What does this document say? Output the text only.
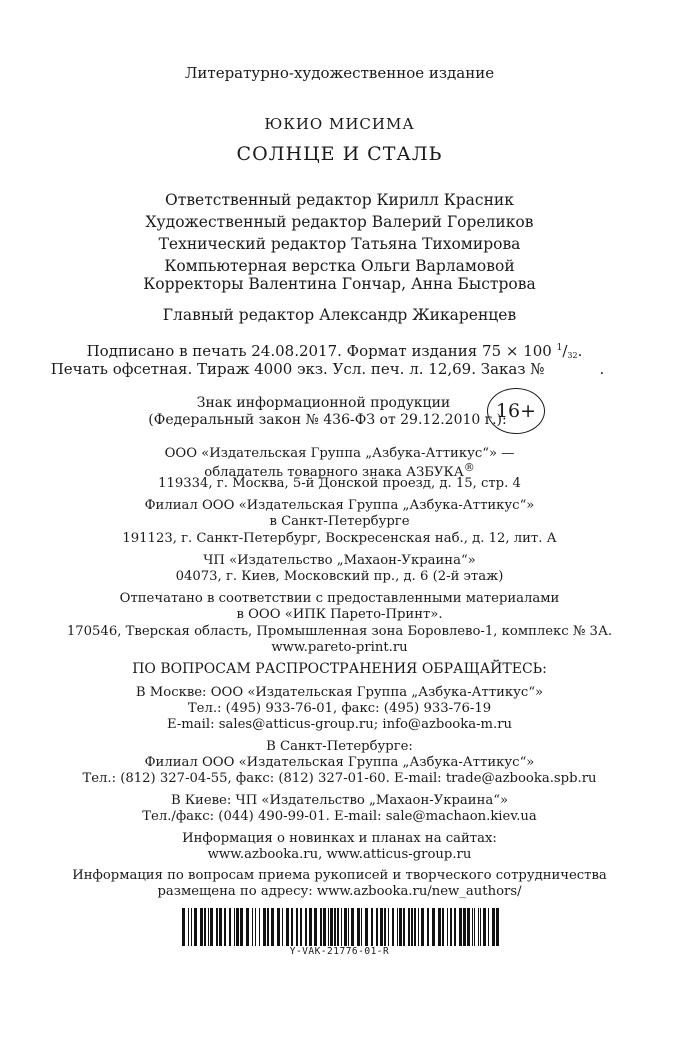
Литературно-художественное издание
ЮКИО МИСИМА
СОЛНЦЕ И СТАЛЬ
Ответственный редактор Кирилл Красник
Художественный редактор Валерий Гореликов
Технический редактор Татьяна Тихомирова
Компьютерная верстка Ольги Варламовой
Корректоры Валентина Гончар, Анна Быстрова
Главный редактор Александр Жикаренцев
Подписано в печать 24.08.2017. Формат издания 75 × 100 $^1/_{32}$.
Печать офсетная. Тираж 4000 экз. Усл. печ. л. 12,69. Заказ №	.
Знак информационной продукции
(Федеральный закон № 436-ФЗ от 29.12.2010 г.):
16+
ООО «Издательская Группа „Азбука-Аттикус“» —
обладатель товарного знака АЗБУКА®
119334, г. Москва, 5-й Донской проезд, д. 15, стр. 4
Филиал ООО «Издательская Группа „Азбука-Аттикус“»
в Санкт-Петербурге
191123, г. Санкт-Петербург, Воскресенская наб., д. 12, лит. А
ЧП «Издательство „Махаон-Украина“»
04073, г. Киев, Московский пр., д. 6 (2-й этаж)
Отпечатано в соответствии с предоставленными материалами
в ООО «ИПК Парето-Принт».
170546, Тверская область, Промышленная зона Боровлево-1, комплекс № 3А.
www.pareto-print.ru
ПО ВОПРОСАМ РАСПРОСТРАНЕНИЯ ОБРАЩАЙТЕСЬ:
В Москве: ООО «Издательская Группа „Азбука-Аттикус“»
Тел.: (495) 933-76-01, факс: (495) 933-76-19
E-mail: sales@atticus-group.ru; info@azbooka-m.ru
В Санкт-Петербурге:
Филиал ООО «Издательская Группа „Азбука-Аттикус“»
Тел.: (812) 327-04-55, факс: (812) 327-01-60. E-mail: trade@azbooka.spb.ru
В Киеве: ЧП «Издательство „Махаон-Украина“»
Тел./факс: (044) 490-99-01. E-mail: sale@machaon.kiev.ua
Информация о новинках и планах на сайтах:
www.azbooka.ru, www.atticus-group.ru
Информация по вопросам приема рукописей и творческого сотрудничества
размещена по адресу: www.azbooka.ru/new_authors/
Y-VAK-21776-01-R
